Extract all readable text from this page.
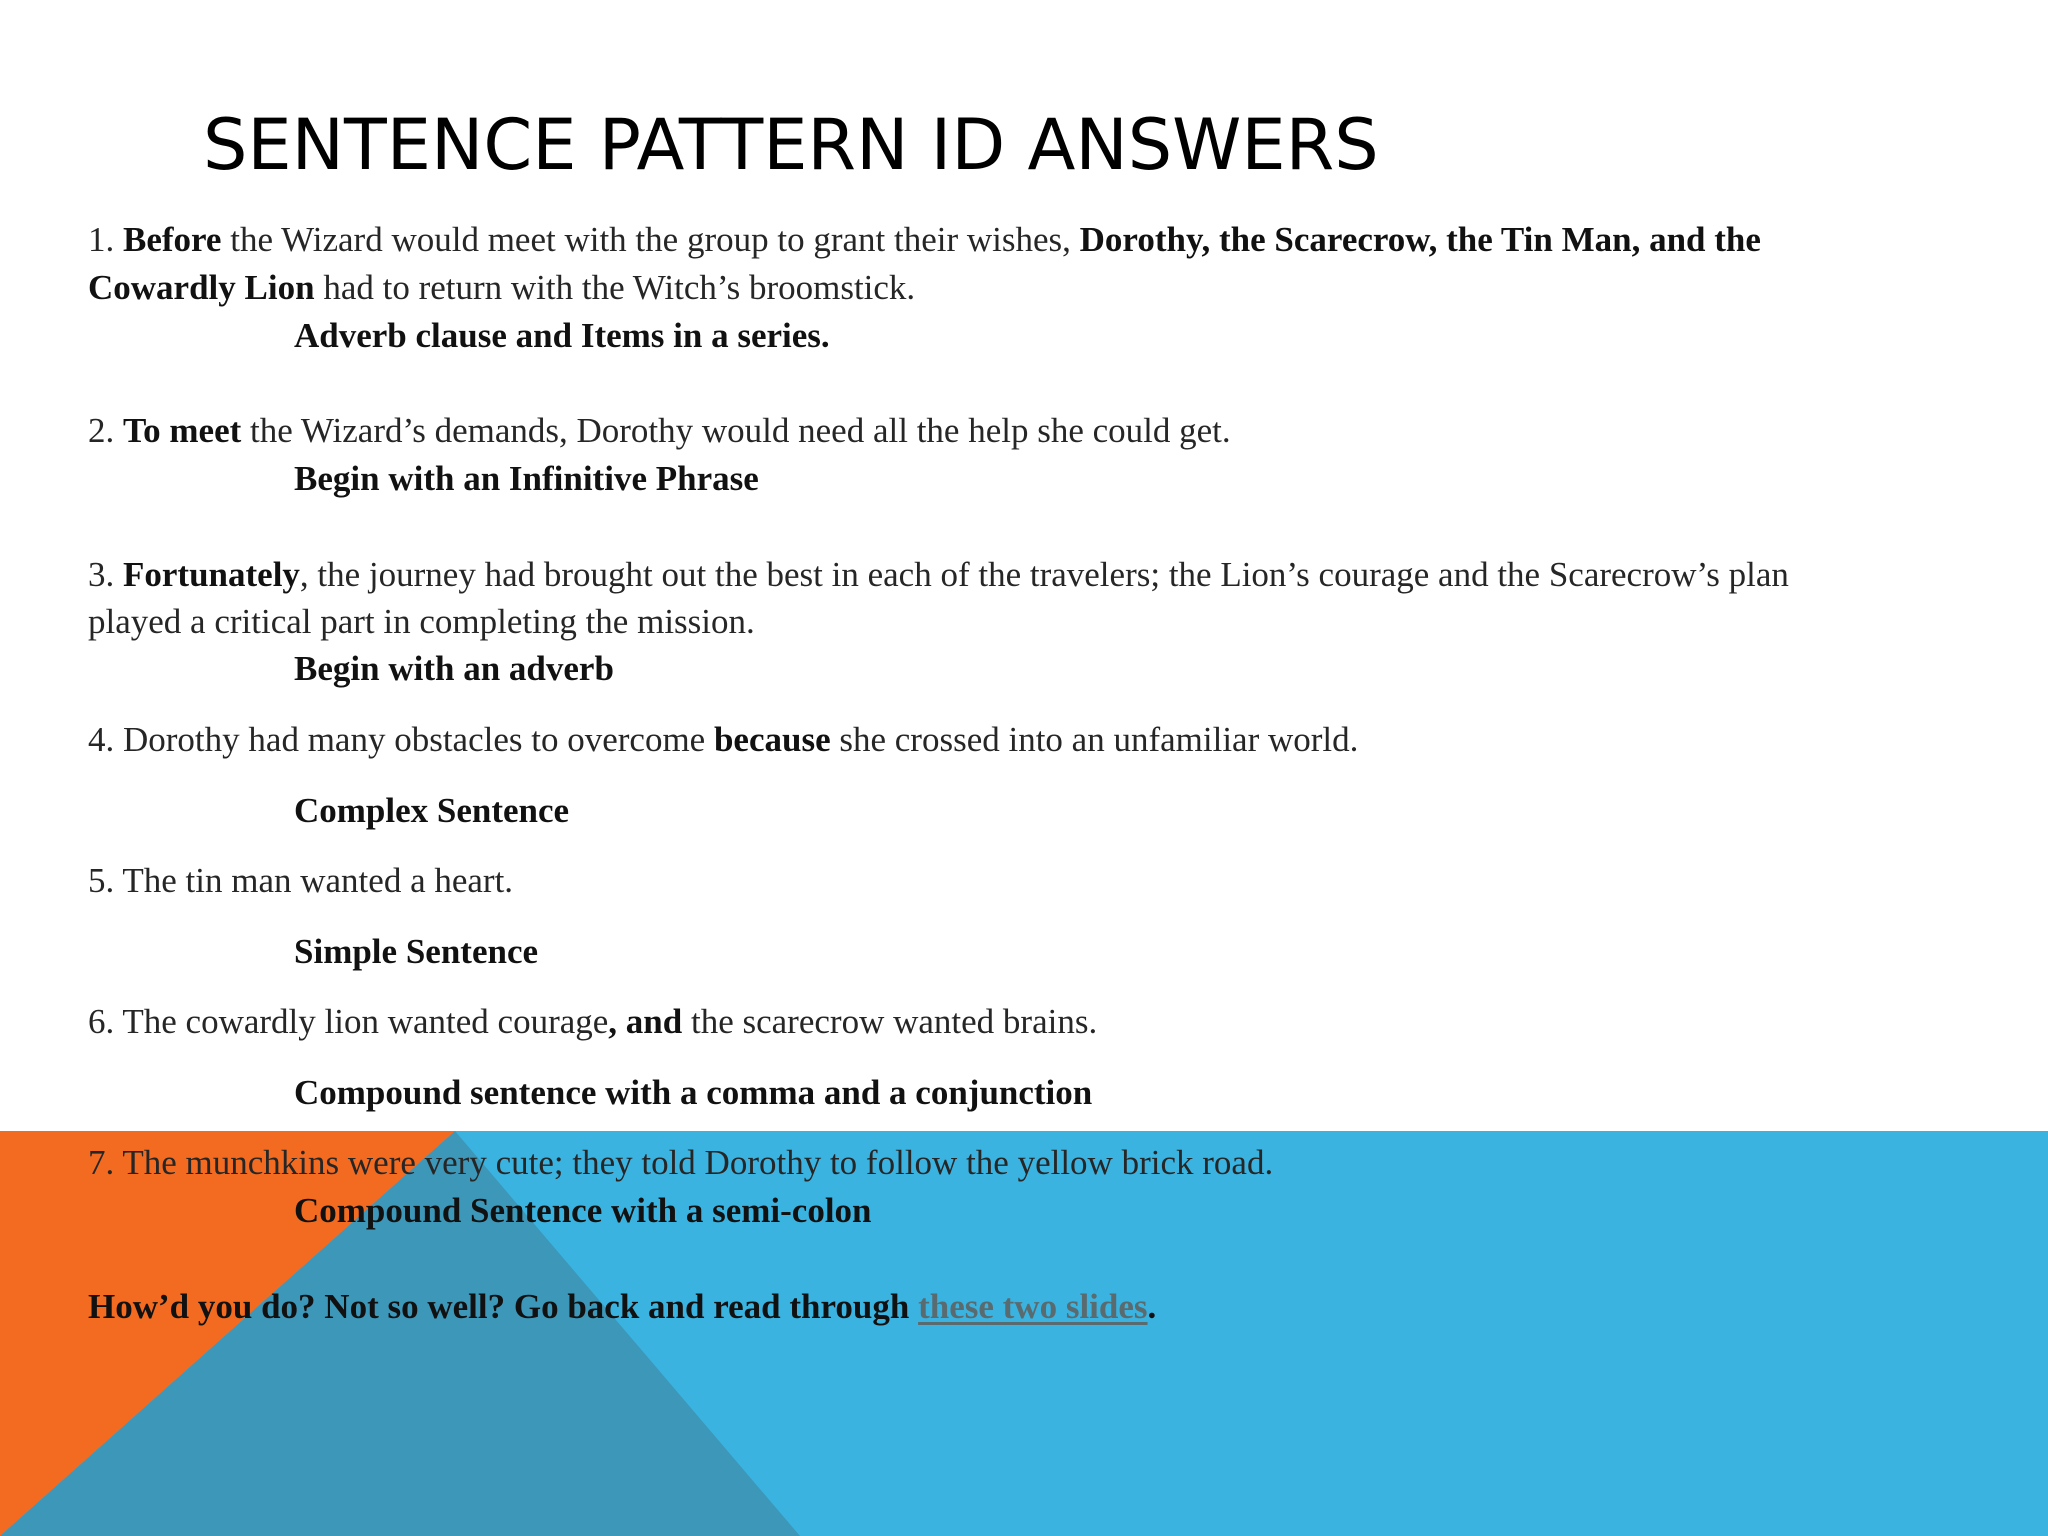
SENTENCE PATTERN ID ANSWERS
1. Before the Wizard would meet with the group to grant their wishes, Dorothy, the Scarecrow, the Tin Man, and the
Cowardly Lion had to return with the Witch’s broomstick.
Adverb clause and Items in a series.
2. To meet the Wizard’s demands, Dorothy would need all the help she could get.
Begin with an Infinitive Phrase
3. Fortunately, the journey had brought out the best in each of the travelers; the Lion’s courage and the Scarecrow’s plan
played a critical part in completing the mission.
Begin with an adverb
4. Dorothy had many obstacles to overcome because she crossed into an unfamiliar world.
Complex Sentence
5. The tin man wanted a heart.
Simple Sentence
6. The cowardly lion wanted courage, and the scarecrow wanted brains.
Compound sentence with a comma and a conjunction
7. The munchkins were very cute; they told Dorothy to follow the yellow brick road.
Compound Sentence with a semi-colon
How’d you do? Not so well? Go back and read through these two slides.
